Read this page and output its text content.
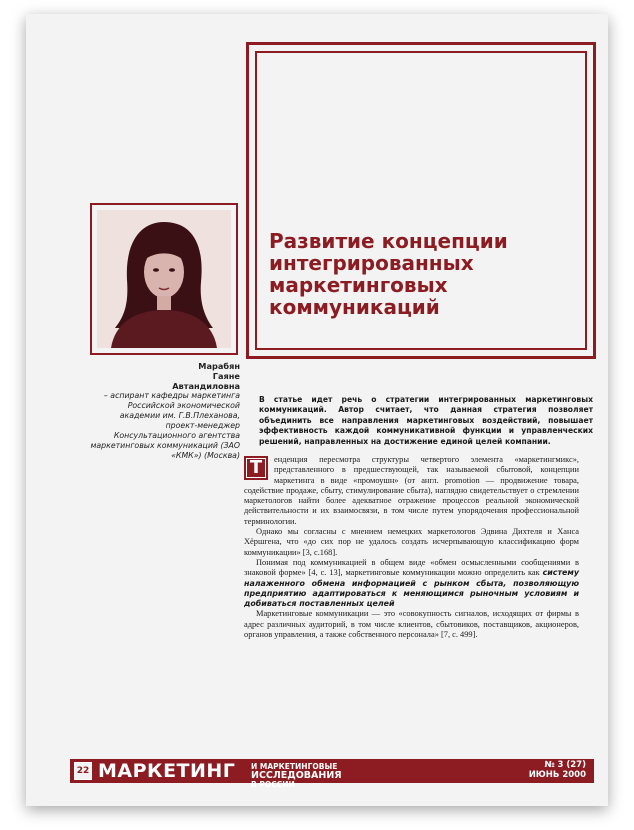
Развитие концепции
интегрированных
маркетинговых
коммуникаций
Марабян
Гаяне
Автандиловна
– аспирант кафедры маркетинга Российской экономической академии им. Г.В.Плеханова, проект-менеджер Консультационного агентства маркетинговых коммуникаций (ЗАО «КМК») (Москва)

В статье идет речь о стратегии интегрированных маркетинговых коммуникаций. Автор считает, что данная стратегия позволяет объединить все направления маркетинговых воздействий, повышает эффективность каждой коммуникативной функции и управленческих решений, направленных на достижение единой целей компании.

Т	енденция пересмотра структуры четвертого элемента «маркетингмикс», представленного в предшествующей, так называемой сбытовой, концепции маркетинга в виде «промоушн» (от англ. promotion — продвижение товара, содействие продаже, сбыту, стимулирование сбыта), наглядно свидетельствует о стремлении маркетологов найти более адекватное отражение процессов реальной экономической действительности и их взаимосвязи, в том числе путем упорядочения профессиональной терминологии.

Однако мы согласны с мнением немецких маркетологов Эдвина Дихтеля и Ханса Хёршгена, что «до сих пор не удалось создать исчерпывающую классификацию форм коммуникации» [3, с.168].

Понимая под коммуникацией в общем виде «обмен осмысленными сообщениями в знаковой форме» [4, с. 13], маркетинговые коммуникации можно определить как систему налаженного обмена информацией с рынком сбыта, позволяющую предприятию адаптироваться к меняющимся рыночным условиям и добиваться поставленных целей

Маркетинговые коммуникации — это «совокупность сигналов, исходящих от фирмы в адрес различных аудиторий, в том числе клиентов, сбытовиков, поставщиков, акционеров, органов управления, а также собственного персонала» [7, с. 499].

22 МАРКЕТИНГ И МАРКЕТИНГОВЫЕ
ИССЛЕДОВАНИЯ
В РОССИИ
№ 3 (27)
ИЮНЬ 2000
